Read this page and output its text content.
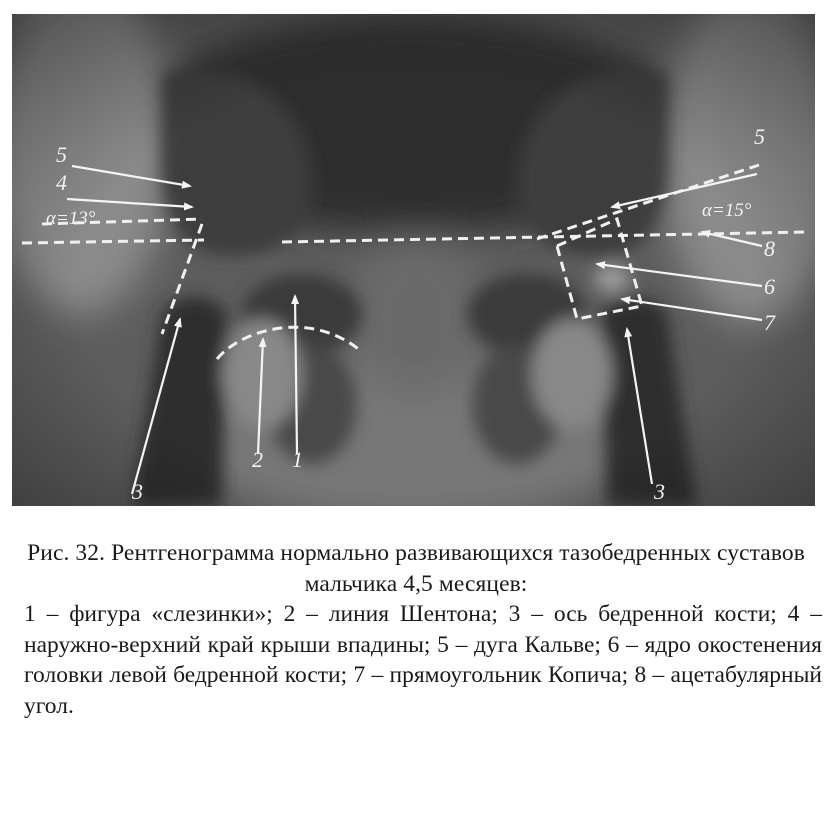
5
4
α=13°
5
α=15°
8
6
7
2 1
3	3
Рис. 32. Рентгенограмма нормально развивающихся тазобедренных суставов мальчика 4,5 месяцев:
1 – фигура «слезинки»; 2 – линия Шентона; 3 – ось бедренной кости; 4 – наружно-верхний край крыши впадины; 5 – дуга Кальве; 6 – ядро окостенения головки левой бедренной кости; 7 – прямоугольник Копича; 8 – ацетабулярный угол.
